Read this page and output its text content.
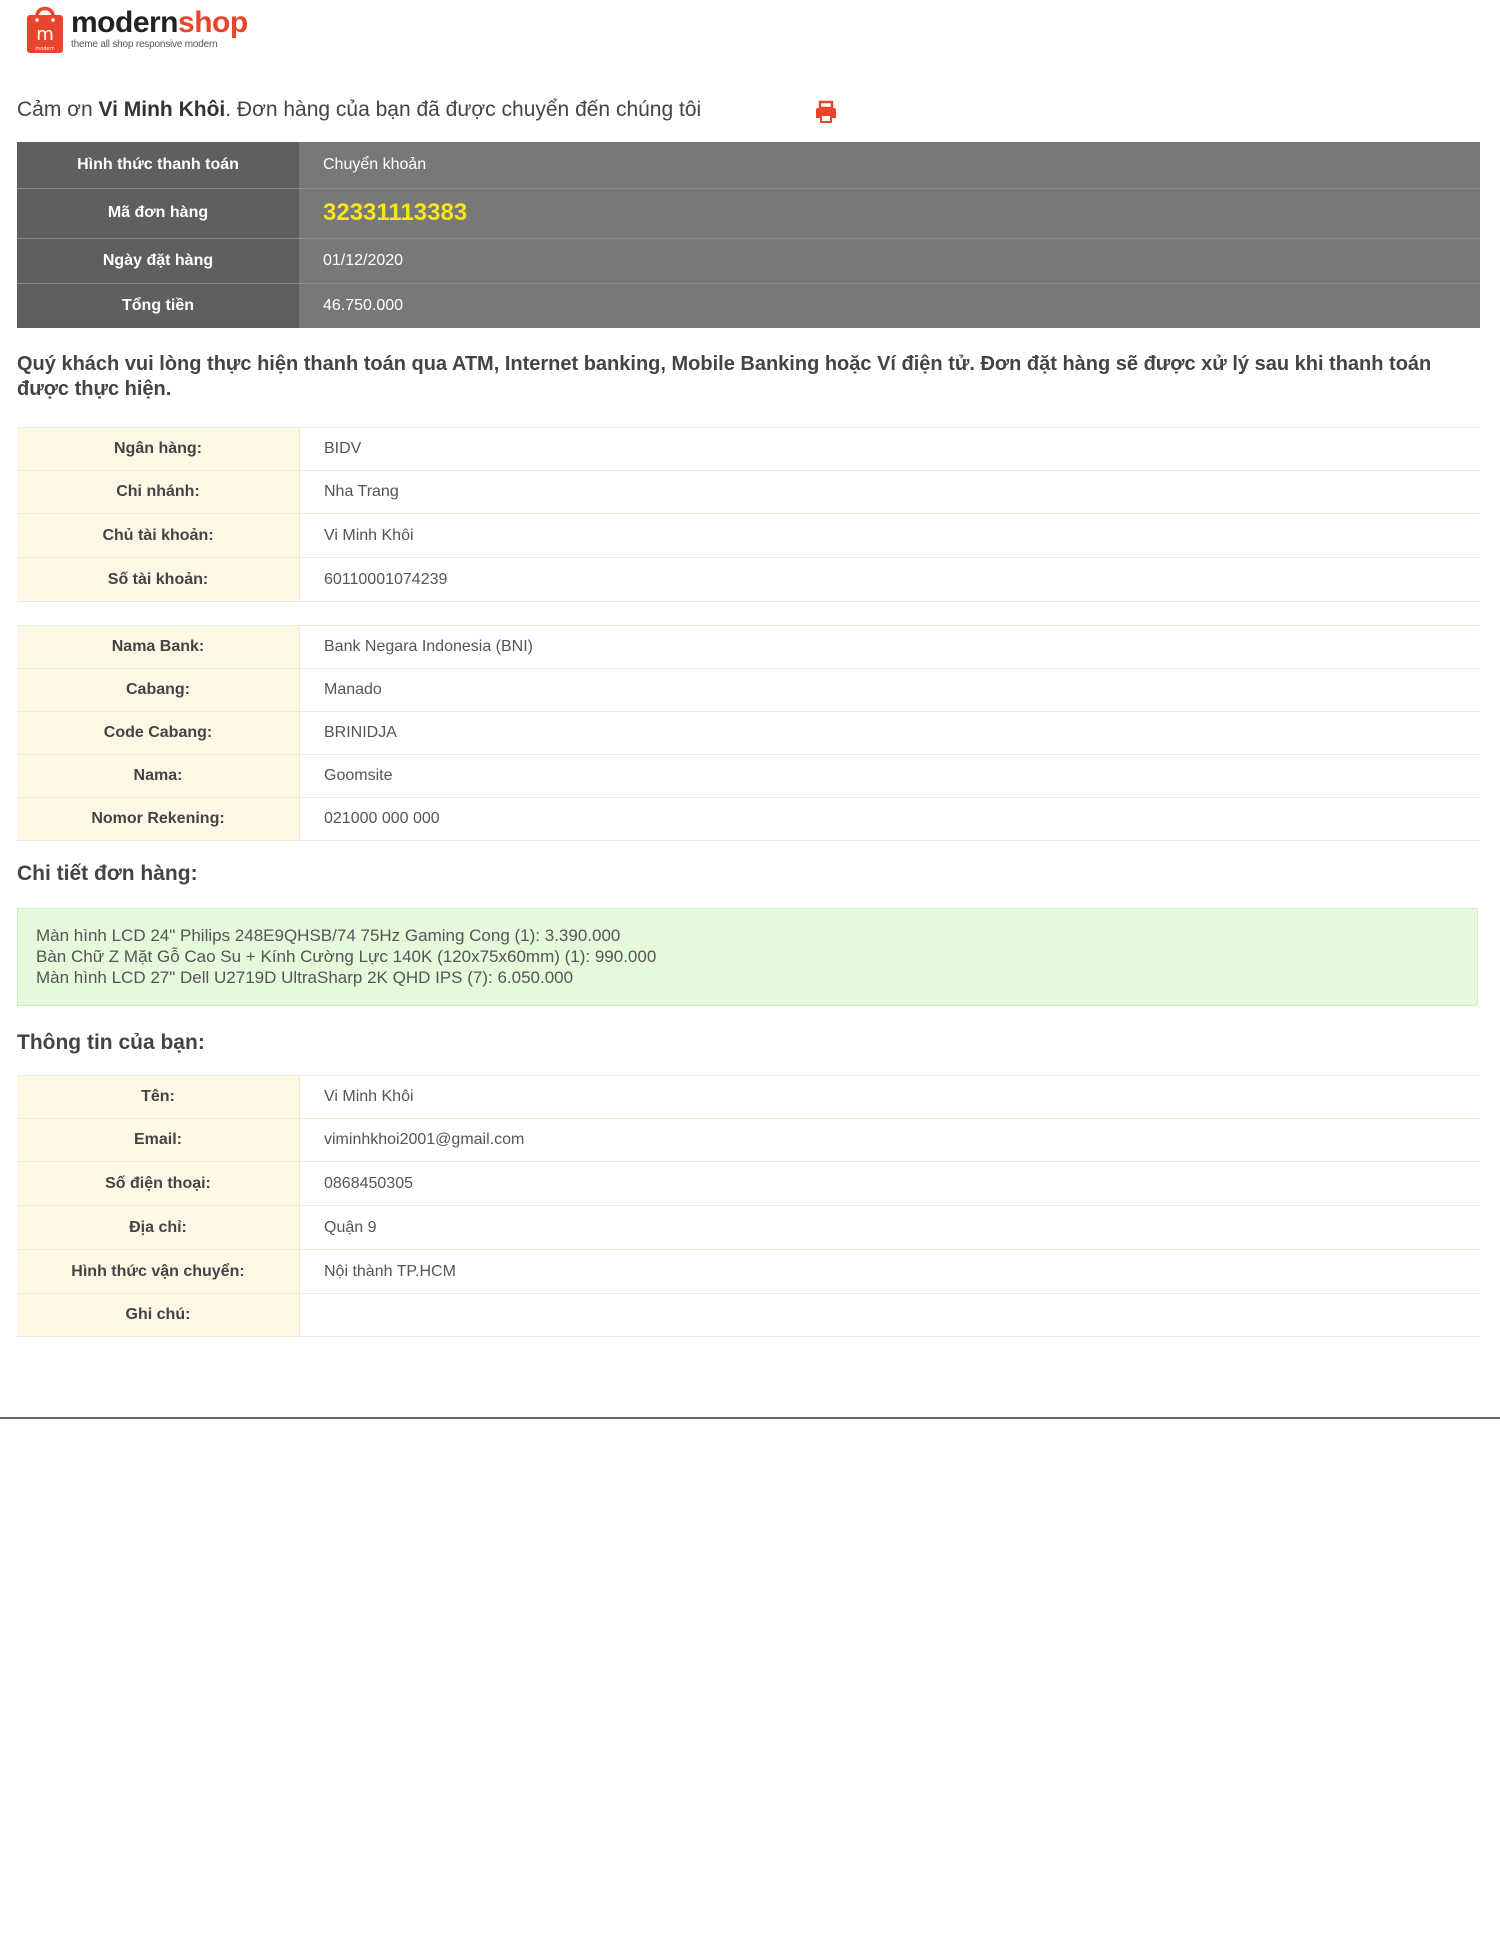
m
modern
modernshop
theme all shop responsive modern
Cảm ơn Vi Minh Khôi. Đơn hàng của bạn đã được chuyển đến chúng tôi
Hình thức thanh toán	Chuyển khoản
Mã đơn hàng	32331113383
Ngày đặt hàng	01/12/2020
Tổng tiền	46.750.000
Quý khách vui lòng thực hiện thanh toán qua ATM, Internet banking, Mobile Banking hoặc Ví điện tử. Đơn đặt hàng sẽ được xử lý sau khi thanh toán được thực hiện.
Ngân hàng:	BIDV
Chi nhánh:	Nha Trang
Chủ tài khoản:	Vi Minh Khôi
Số tài khoản:	60110001074239
Nama Bank:	Bank Negara Indonesia (BNI)
Cabang:	Manado
Code Cabang:	BRINIDJA
Nama:	Goomsite
Nomor Rekening:	021000 000 000
Chi tiết đơn hàng:
Màn hình LCD 24" Philips 248E9QHSB/74 75Hz Gaming Cong (1): 3.390.000
Bàn Chữ Z Mặt Gỗ Cao Su + Kính Cường Lực 140K (120x75x60mm) (1): 990.000
Màn hình LCD 27" Dell U2719D UltraSharp 2K QHD IPS (7): 6.050.000
Thông tin của bạn:
Tên:	Vi Minh Khôi
Email:	viminhkhoi2001@gmail.com
Số điện thoại:	0868450305
Địa chỉ:	Quận 9
Hình thức vận chuyển:	Nội thành TP.HCM
Ghi chú:	
